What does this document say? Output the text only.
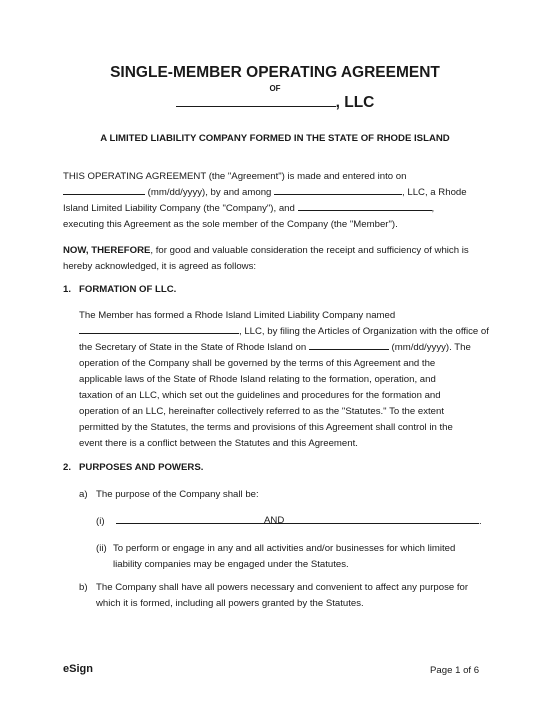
SINGLE-MEMBER OPERATING AGREEMENT
OF
, LLC
A LIMITED LIABILITY COMPANY FORMED IN THE STATE OF RHODE ISLAND
THIS OPERATING AGREEMENT (the "Agreement") is made and entered into on
(mm/dd/yyyy), by and among	, LLC, a Rhode
Island Limited Liability Company (the "Company"), and	,
executing this Agreement as the sole member of the Company (the "Member").
NOW, THEREFORE, for good and valuable consideration the receipt and sufficiency of which is
hereby acknowledged, it is agreed as follows:
1.   FORMATION OF LLC.
The Member has formed a Rhode Island Limited Liability Company named
, LLC, by filing the Articles of Organization with the office of
the Secretary of State in the State of Rhode Island on	(mm/dd/yyyy). The
operation of the Company shall be governed by the terms of this Agreement and the
applicable laws of the State of Rhode Island relating to the formation, operation, and
taxation of an LLC, which set out the guidelines and procedures for the formation and
operation of an LLC, hereinafter collectively referred to as the "Statutes." To the extent
permitted by the Statutes, the terms and provisions of this Agreement shall control in the
event there is a conflict between the Statutes and this Agreement.
2.   PURPOSES AND POWERS.
a) The purpose of the Company shall be:
(i)	.
AND
(ii) To perform or engage in any and all activities and/or businesses for which limited
liability companies may be engaged under the Statutes.
b) The Company shall have all powers necessary and convenient to affect any purpose for
which it is formed, including all powers granted by the Statutes.
eSign	Page 1 of 6
